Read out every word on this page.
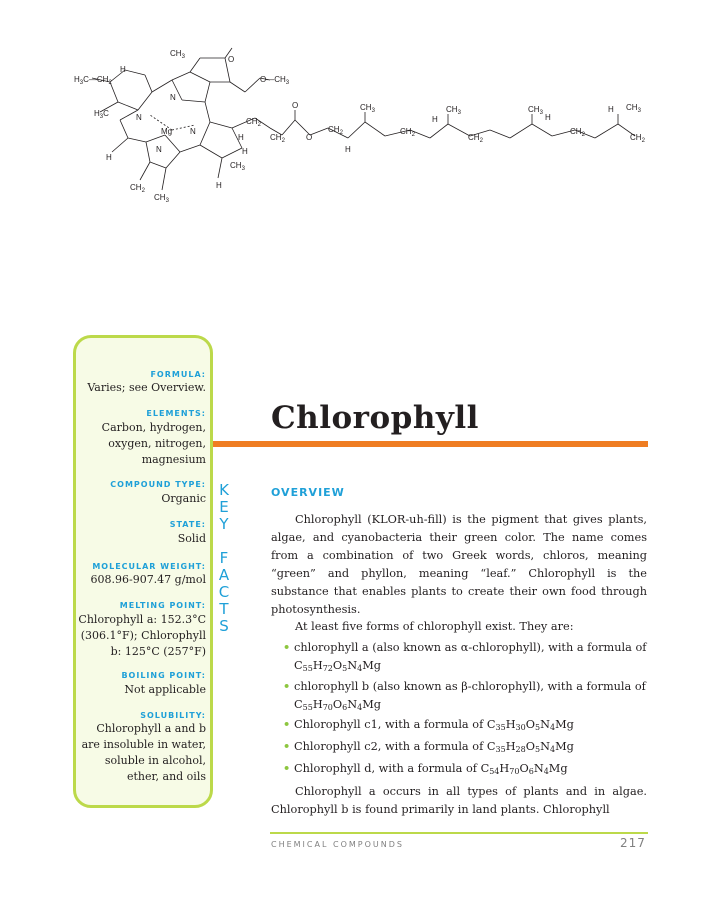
$CH_3$	O
$O—CH_3$
H
$H_3C—CH_2$
$H_3C$	N
N
Mg N
N
$CH_2$
H
H
$CH_3$
H
H
$CH_2$
$CH_3$
O
$CH_2$	O
$CH_2$
$CH_3$
H
$CH_2$
$CH_3$
H
$CH_2$
$CH_3$ H
$CH_2$
H $CH_3$
$CH_2$
FORMULA:
Varies; see Overview.
ELEMENTS:
Carbon, hydrogen,
oxygen, nitrogen,
magnesium
COMPOUND TYPE:
Organic
STATE:
Solid
MOLECULAR WEIGHT:
608.96-907.47 g/mol
MELTING POINT:
Chlorophyll a: 152.3°C
(306.1°F); Chlorophyll
b: 125°C (257°F)
BOILING POINT:
Not applicable
SOLUBILITY:
Chlorophyll a and b
are insoluble in water,
soluble in alcohol,
ether, and oils
K
E
Y

F
A
C
T
S
Chlorophyll
OVERVIEW
Chlorophyll (KLOR-uh-fill) is the pigment that gives plants, algae, and cyanobacteria their green color. The name comes from a combination of two Greek words, chloros, meaning “green” and phyllon, meaning “leaf.” Chlorophyll is the substance that enables plants to create their own food through photosynthesis.
At least five forms of chlorophyll exist. They are:
• chlorophyll a (also known as α-chlorophyll), with a formula of $C_{55}H_{72}O_5N_4Mg$
• chlorophyll b (also known as β-chlorophyll), with a formula of $C_{55}H_{70}O_6N_4Mg$
• Chlorophyll c1, with a formula of $C_{35}H_{30}O_5N_4Mg$
• Chlorophyll c2, with a formula of $C_{35}H_{28}O_5N_4Mg$
• Chlorophyll d, with a formula of $C_{54}H_{70}O_6N_4Mg$
Chlorophyll a occurs in all types of plants and in algae. Chlorophyll b is found primarily in land plants. Chlorophyll
CHEMICAL COMPOUNDS	217
